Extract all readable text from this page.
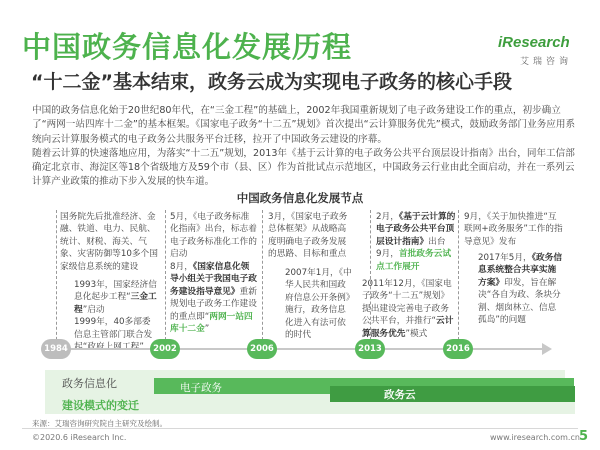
中国政务信息化发展历程	iResearch
艾瑞咨询
“十二金”基本结束，政务云成为实现电子政务的核心手段

中国的政务信息化始于20世纪80年代，在“三金工程”的基础上，2002年我国重新规划了电子政务建设工作的重点，初步确立了“两网一站四库十二金”的基本框架。《国家电子政务“十二五”规划》首次提出“云计算服务优先”模式，鼓励政务部门业务应用系统向云计算服务模式的电子政务公共服务平台迁移，拉开了中国政务云建设的序幕。

随着云计算的快速落地应用，为落实“十二五”规划，2013年《基于云计算的电子政务公共平台顶层设计指南》出台，同年工信部确定北京市、海淀区等18个省级地方及59个市（县、区）作为首批试点示范地区，中国政务云行业由此全面启动，并在一系列云计算产业政策的推动下步入发展的快车道。

中国政务信息化发展节点
国务院先后批准经济、金融、铁道、电力、民航、统计、财税、海关、气象、灾害防御等10多个国家级信息系统的建设
1993年，国家经济信息化起步工程“三金工程”启动
1999年，40多部委信息主管部门联合发
5月，《电子政务标准化指南》出台，标志着电子政务标准化工作的启动
8月，《国家信息化领导小组关于我国电子政务建设指导意见》重新规划电子政务工作建设的重点即“两网一站四库十二金”
3月，《国家电子政务总体框架》从战略高度明确电子政务发展的思路、目标和重点
2007年1月，《中华人民共和国政府信息公开条例》施行，政务信息化进入有法可依的时代
2月，《基于云计算的电子政务公共平台顶层设计指南》出台
9月，首批政务云试点工作展开
2011年12月，《国家电子政务“十二五”规划》提出建设完善电子政务公共平台，并推行“云计算服务优先”模式
9月，《关于加快推进“互联网+政务服务”工作的指导意见》发布
2017年5月，《政务信息系统整合共享实施方案》印发，旨在解决“各自为政、条块分割、烟囱林立、信息孤岛”的问题
1984	2002	2006	2013	2016
政务信息化
建设模式的变迁
电子政务
政务云
来源：艾瑞咨询研究院自主研究及绘制。
©2020.6 iResearch Inc.	www.iresearch.com.cn 5
